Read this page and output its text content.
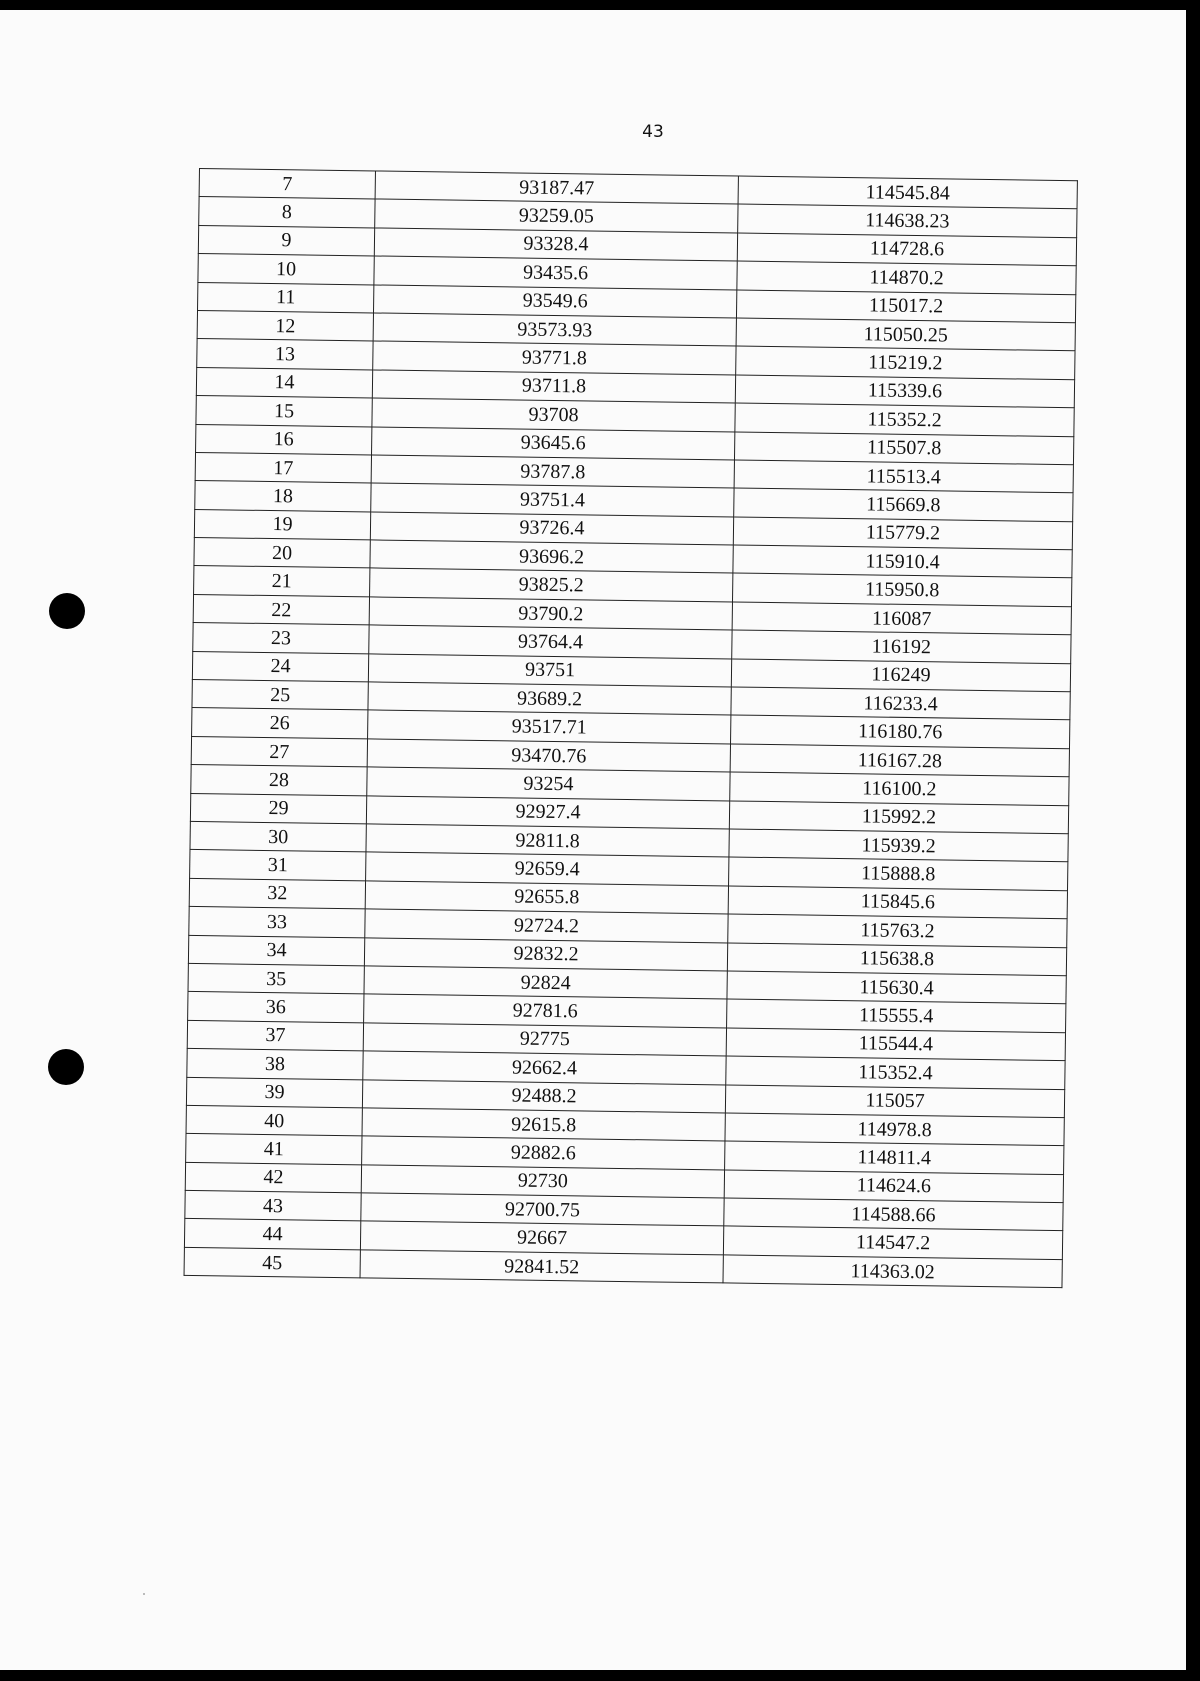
43
7	93187.47	114545.84
8	93259.05	114638.23
9	93328.4	114728.6
10	93435.6	114870.2
11	93549.6	115017.2
12	93573.93	115050.25
13	93771.8	115219.2
14	93711.8	115339.6
15	93708	115352.2
16	93645.6	115507.8
17	93787.8	115513.4
18	93751.4	115669.8
19	93726.4	115779.2
20	93696.2	115910.4
21	93825.2	115950.8
22	93790.2	116087
23	93764.4	116192
24	93751	116249
25	93689.2	116233.4
26	93517.71	116180.76
27	93470.76	116167.28
28	93254	116100.2
29	92927.4	115992.2
30	92811.8	115939.2
31	92659.4	115888.8
32	92655.8	115845.6
33	92724.2	115763.2
34	92832.2	115638.8
35	92824	115630.4
36	92781.6	115555.4
37	92775	115544.4
38	92662.4	115352.4
39	92488.2	115057
40	92615.8	114978.8
41	92882.6	114811.4
42	92730	114624.6
43	92700.75	114588.66
44	92667	114547.2
45	92841.52	114363.02
